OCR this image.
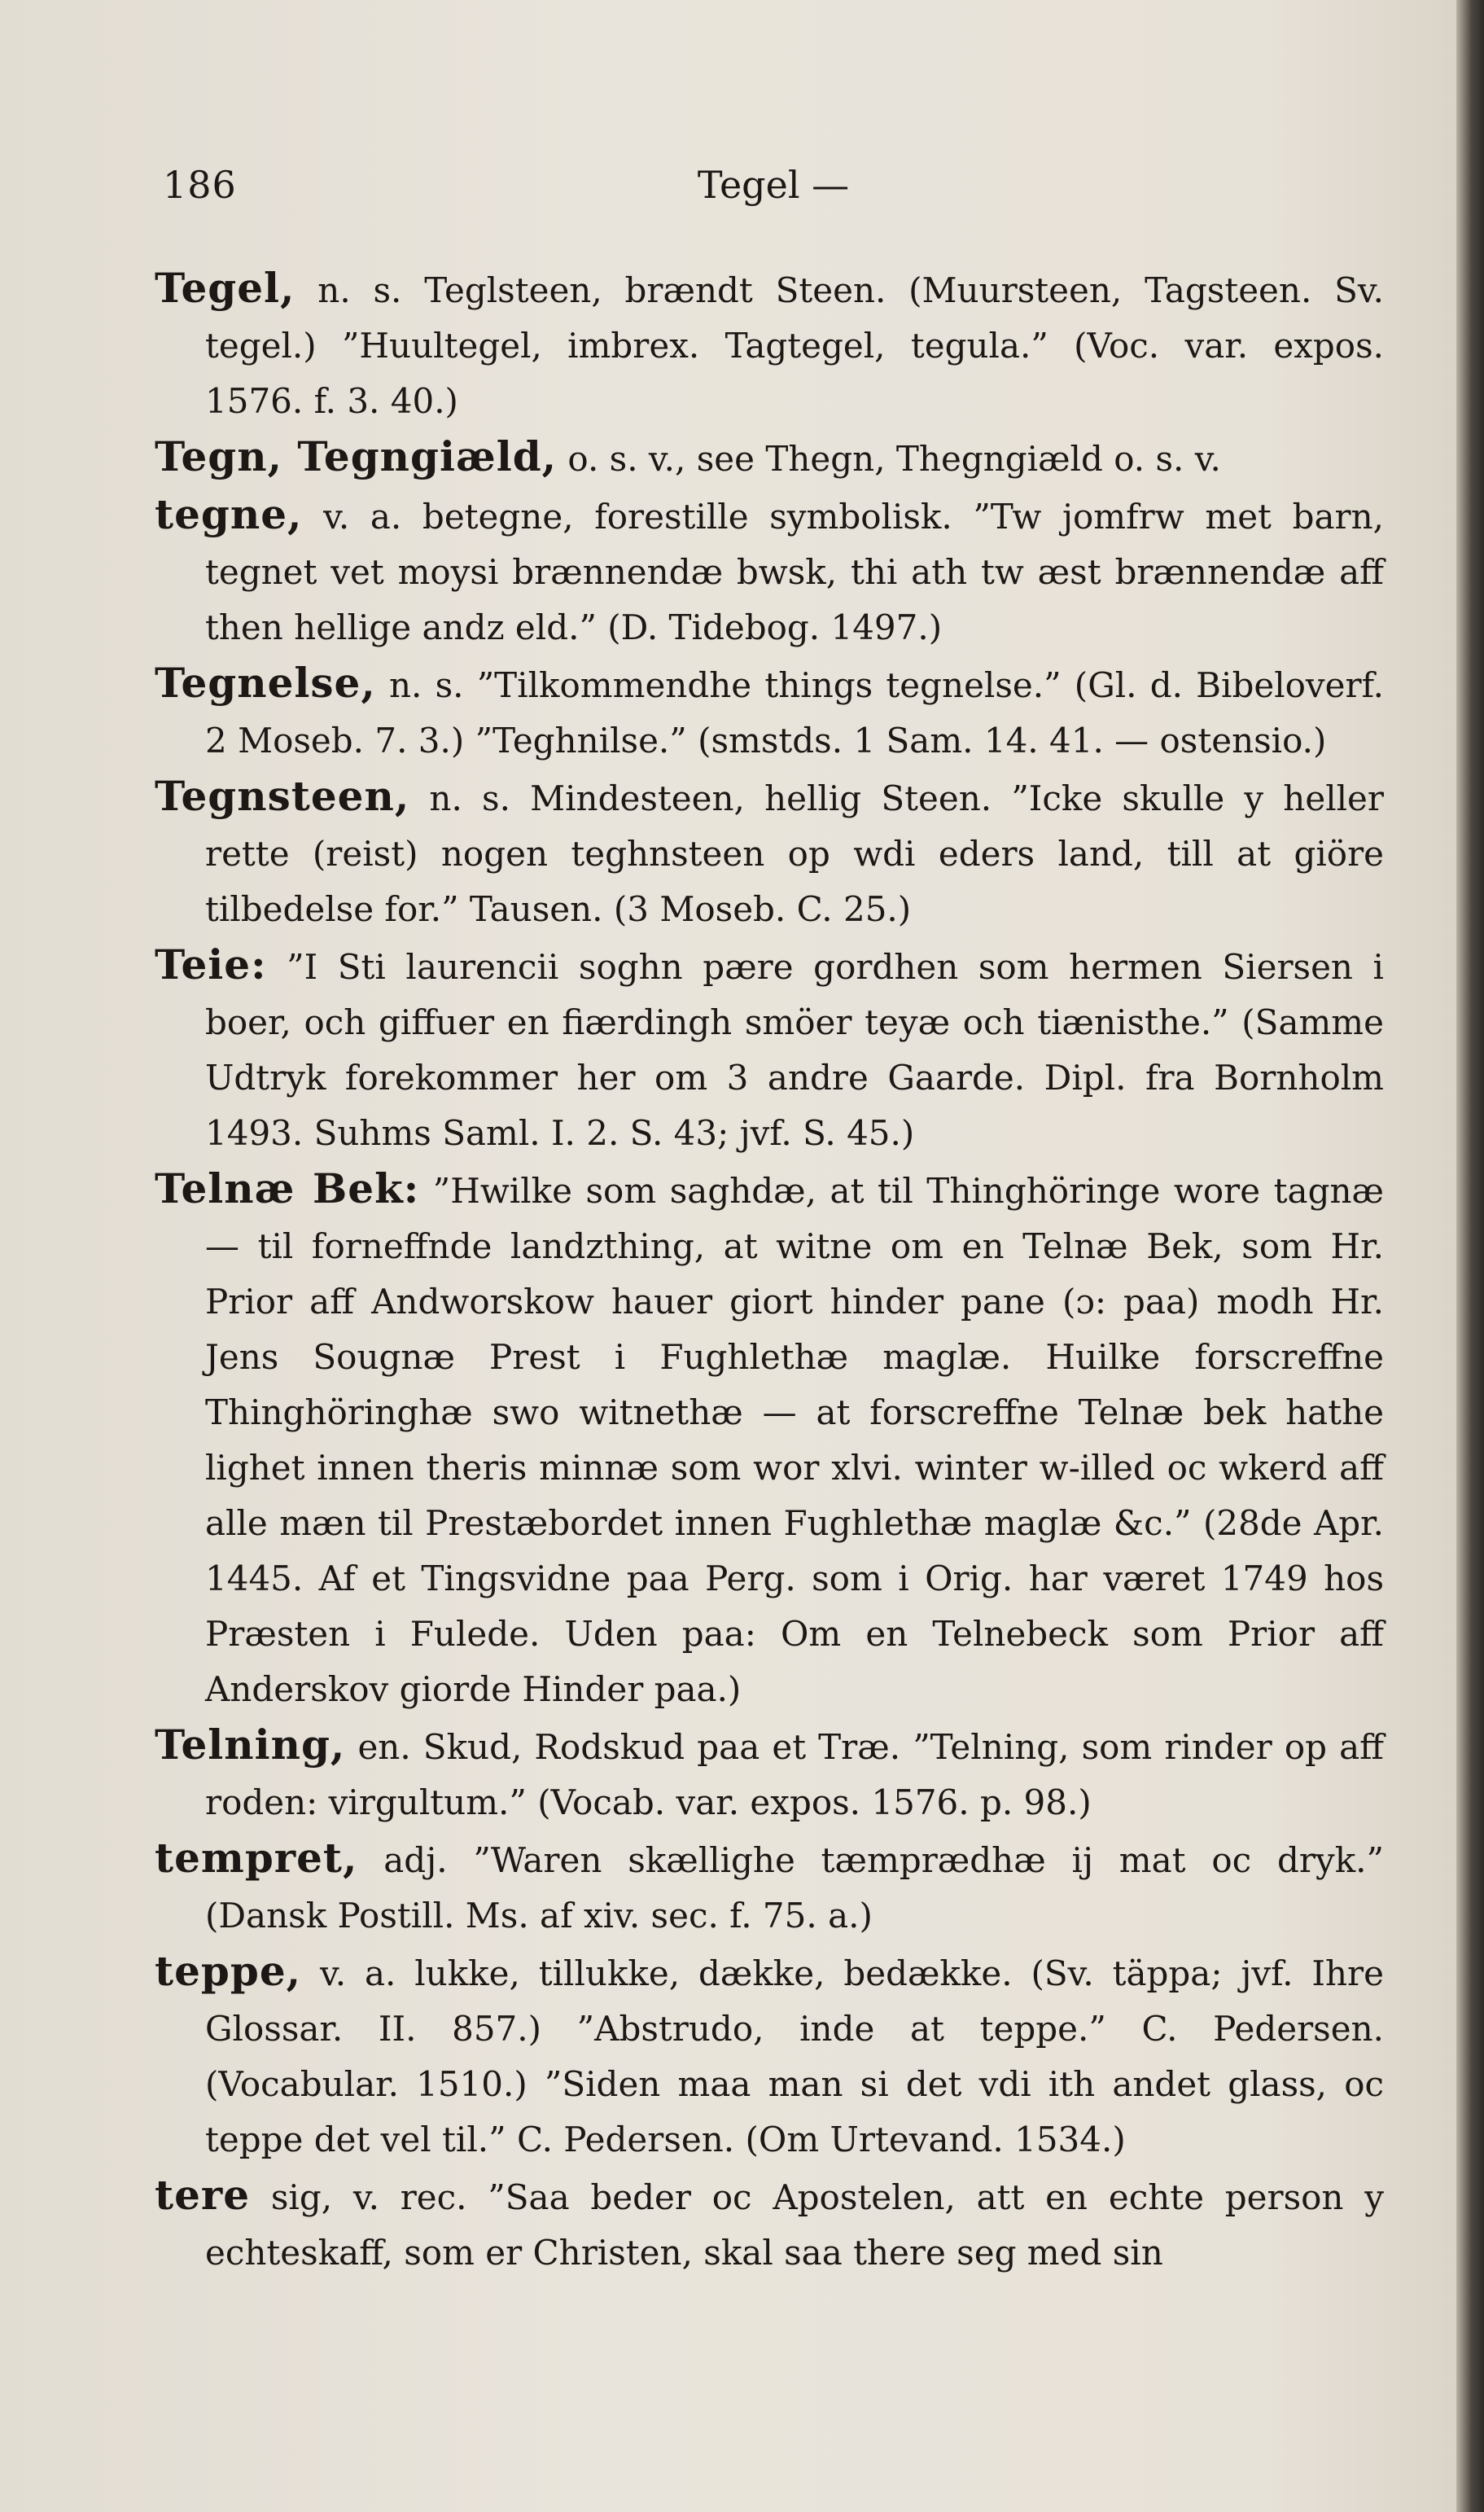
186	Tegel —

Tegel, n. s. Teglsteen, brændt Steen. (Muursteen, Tagsteen. Sv. tegel.) ”Huultegel, imbrex. Tagtegel, tegula.” (Voc. var. expos. 1576. f. 3. 40.)

Tegn, Tegngiæld, o. s. v., see Thegn, Thegngiæld o. s. v.

tegne, v. a. betegne, forestille symbolisk. ”Tw jomfrw met barn, tegnet vet moysi brænnendæ bwsk, thi ath tw æst brænnendæ aff then hellige andz eld.” (D. Tidebog. 1497.)

Tegnelse, n. s. ”Tilkommendhe things tegnelse.” (Gl. d. Bibeloverf. 2 Moseb. 7. 3.) ”Teghnilse.” (smstds. 1 Sam. 14. 41. — ostensio.)

Tegnsteen, n. s. Mindesteen, hellig Steen. ”Icke skulle y heller rette (reist) nogen teghnsteen op wdi eders land, till at giöre tilbedelse for.” Tausen. (3 Moseb. C. 25.)

Teie: ”I Sti laurencii soghn pære gordhen som hermen Siersen i boer, och giffuer en fiærdingh smöer teyæ och tiænisthe.” (Samme Udtryk forekommer her om 3 andre Gaarde. Dipl. fra Bornholm 1493. Suhms Saml. I. 2. S. 43; jvf. S. 45.)

Telnæ Bek: ”Hwilke som saghdæ, at til Thinghöringe wore tagnæ — til forneffnde landzthing, at witne om en Telnæ Bek, som Hr. Prior aff Andworskow hauer giort hinder pane (ɔ: paa) modh Hr. Jens Sougnæ Prest i Fughlethæ maglæ. Huilke forscreffne Thinghöringhæ swo witnethæ — at forscreffne Telnæ bek hathe lighet innen theris minnæ som wor xlvi. winter w-illed oc wkerd aff alle mæn til Prestæbordet innen Fughlethæ maglæ &c.” (28de Apr. 1445. Af et Tingsvidne paa Perg. som i Orig. har været 1749 hos Præsten i Fulede. Uden paa: Om en Telnebeck som Prior aff Anderskov giorde Hinder paa.)

Telning, en. Skud, Rodskud paa et Træ. ”Telning, som rinder op aff roden: virgultum.” (Vocab. var. expos. 1576. p. 98.)

tempret, adj. ”Waren skællighe tæmprædhæ ij mat oc dryk.” (Dansk Postill. Ms. af xiv. sec. f. 75. a.)

teppe, v. a. lukke, tillukke, dække, bedække. (Sv. täppa; jvf. Ihre Glossar. II. 857.) ”Abstrudo, inde at teppe.” C. Pedersen. (Vocabular. 1510.) ”Siden maa man si det vdi ith andet glass, oc teppe det vel til.” C. Pedersen. (Om Urtevand. 1534.)

tere sig, v. rec. ”Saa beder oc Apostelen, att en echte person y echteskaff, som er Christen, skal saa there seg med sin
